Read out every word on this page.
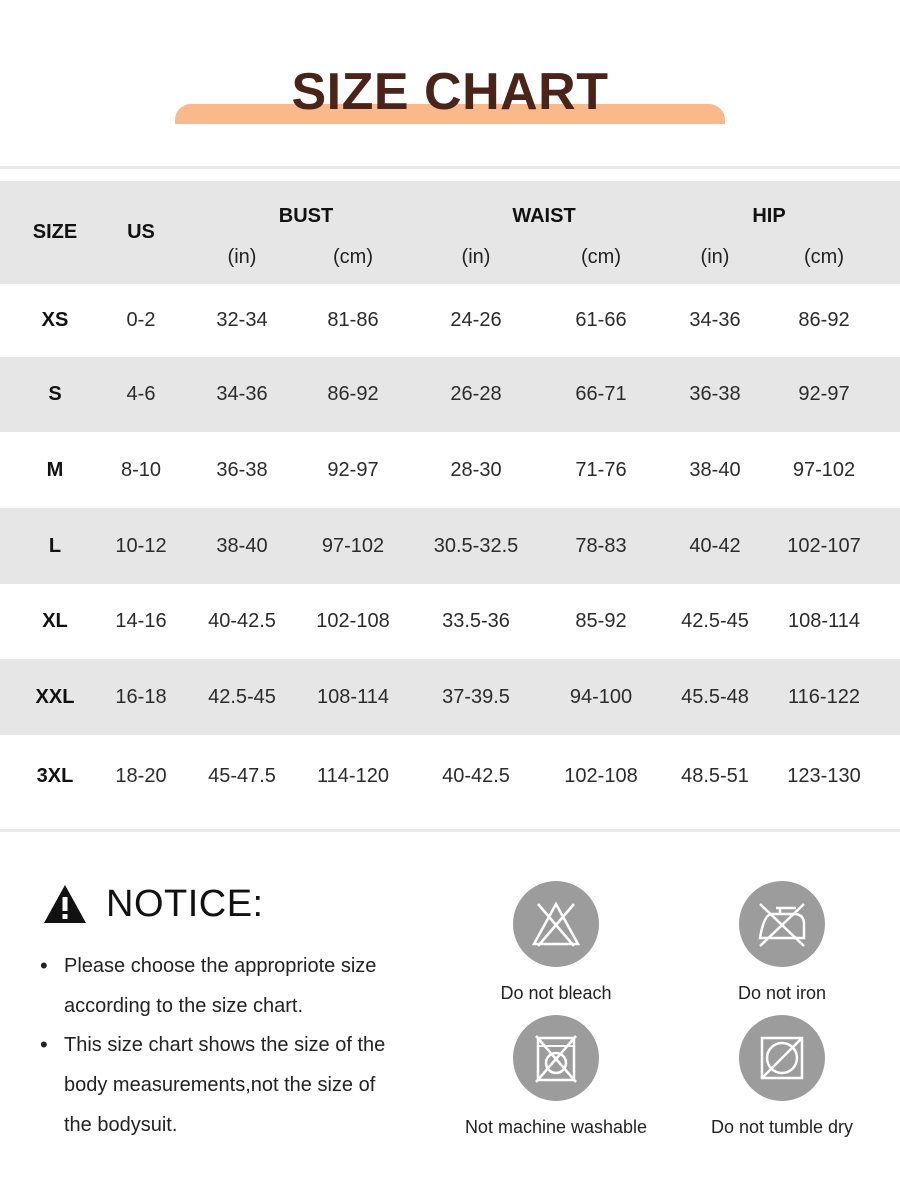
SIZE CHART
SIZE US
BUST	WAIST	HIP
(in)	(cm)	(in)	(cm)	(in)	(cm)
XS	0-2	32-34	81-86	24-26	61-66	34-36	86-92
S	4-6	34-36	86-92	26-28	66-71	36-38	92-97
M	8-10	36-38	92-97	28-30	71-76	38-40	97-102
L	10-12 38-40	97-102 30.5-32.5	78-83	40-42 102-107
XL 14-16 40-42.5 102-108	33.5-36	85-92	42.5-45 108-114
XXL 16-18 42.5-45 108-114	37-39.5	94-100 45.5-48 116-122
3XL 18-20 45-47.5 114-120	40-42.5	102-108 48.5-51 123-130
NOTICE:
• Please choose the appropriote size
according to the size chart.
• This size chart shows the size of the
body measurements,not the size of
the bodysuit.
Do not bleach	Do not iron
Not machine washable	Do not tumble dry
